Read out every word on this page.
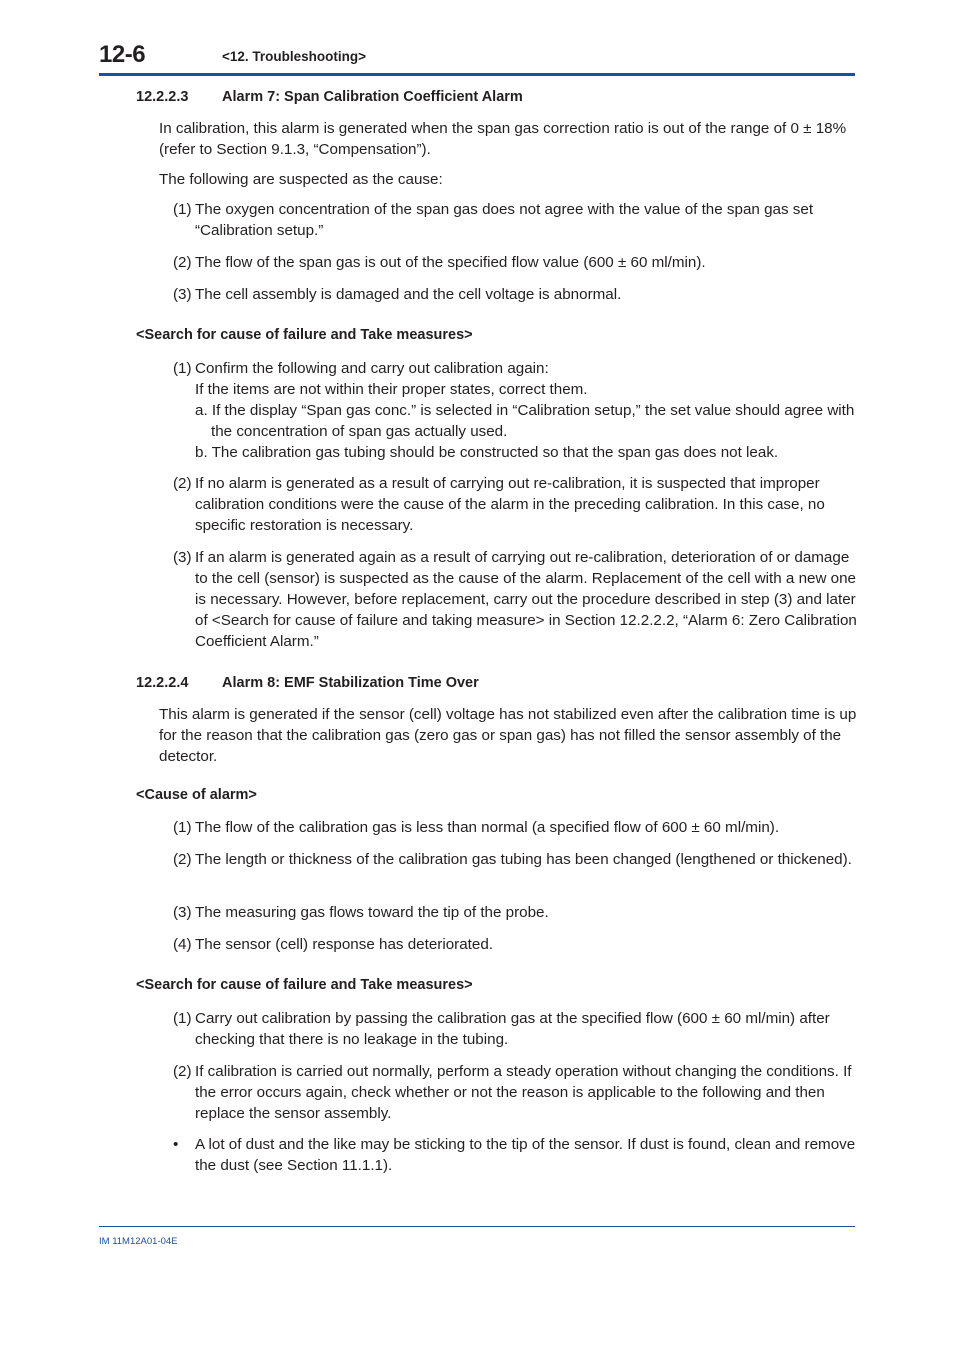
12-6	<12. Troubleshooting>
12.2.2.3 Alarm 7: Span Calibration Coefficient Alarm
In calibration, this alarm is generated when the span gas correction ratio is out of the range of 0 ± 18% (refer to Section 9.1.3, “Compensation”).
The following are suspected as the cause:
(1) The oxygen concentration of the span gas does not agree with the value of the span gas set “Calibration setup.”
(2) The flow of the span gas is out of the specified flow value (600 ± 60 ml/min).
(3) The cell assembly is damaged and the cell voltage is abnormal.
<Search for cause of failure and Take measures>
(1) Confirm the following and carry out calibration again:
If the items are not within their proper states, correct them.
a. If the display “Span gas conc.” is selected in “Calibration setup,” the set value should agree with the concentration of span gas actually used.
b. The calibration gas tubing should be constructed so that the span gas does not leak.
(2) If no alarm is generated as a result of carrying out re-calibration, it is suspected that improper calibration conditions were the cause of the alarm in the preceding calibration. In this case, no specific restoration is necessary.
(3) If an alarm is generated again as a result of carrying out re-calibration, deterioration of or damage to the cell (sensor) is suspected as the cause of the alarm. Replacement of the cell with a new one is necessary. However, before replacement, carry out the procedure described in step (3) and later of <Search for cause of failure and taking measure> in Section 12.2.2.2, “Alarm 6: Zero Calibration Coefficient Alarm.”
12.2.2.4 Alarm 8: EMF Stabilization Time Over
This alarm is generated if the sensor (cell) voltage has not stabilized even after the calibration time is up for the reason that the calibration gas (zero gas or span gas) has not filled the sensor assembly of the detector.
<Cause of alarm>
(1) The flow of the calibration gas is less than normal (a specified flow of 600 ± 60 ml/min).
(2) The length or thickness of the calibration gas tubing has been changed (lengthened or thickened).
(3) The measuring gas flows toward the tip of the probe.
(4) The sensor (cell) response has deteriorated.
<Search for cause of failure and Take measures>
(1) Carry out calibration by passing the calibration gas at the specified flow (600 ± 60 ml/min) after checking that there is no leakage in the tubing.
(2) If calibration is carried out normally, perform a steady operation without changing the conditions. If the error occurs again, check whether or not the reason is applicable to the following and then replace the sensor assembly.
•	A lot of dust and the like may be sticking to the tip of the sensor. If dust is found, clean and remove the dust (see Section 11.1.1).
IM 11M12A01-04E
